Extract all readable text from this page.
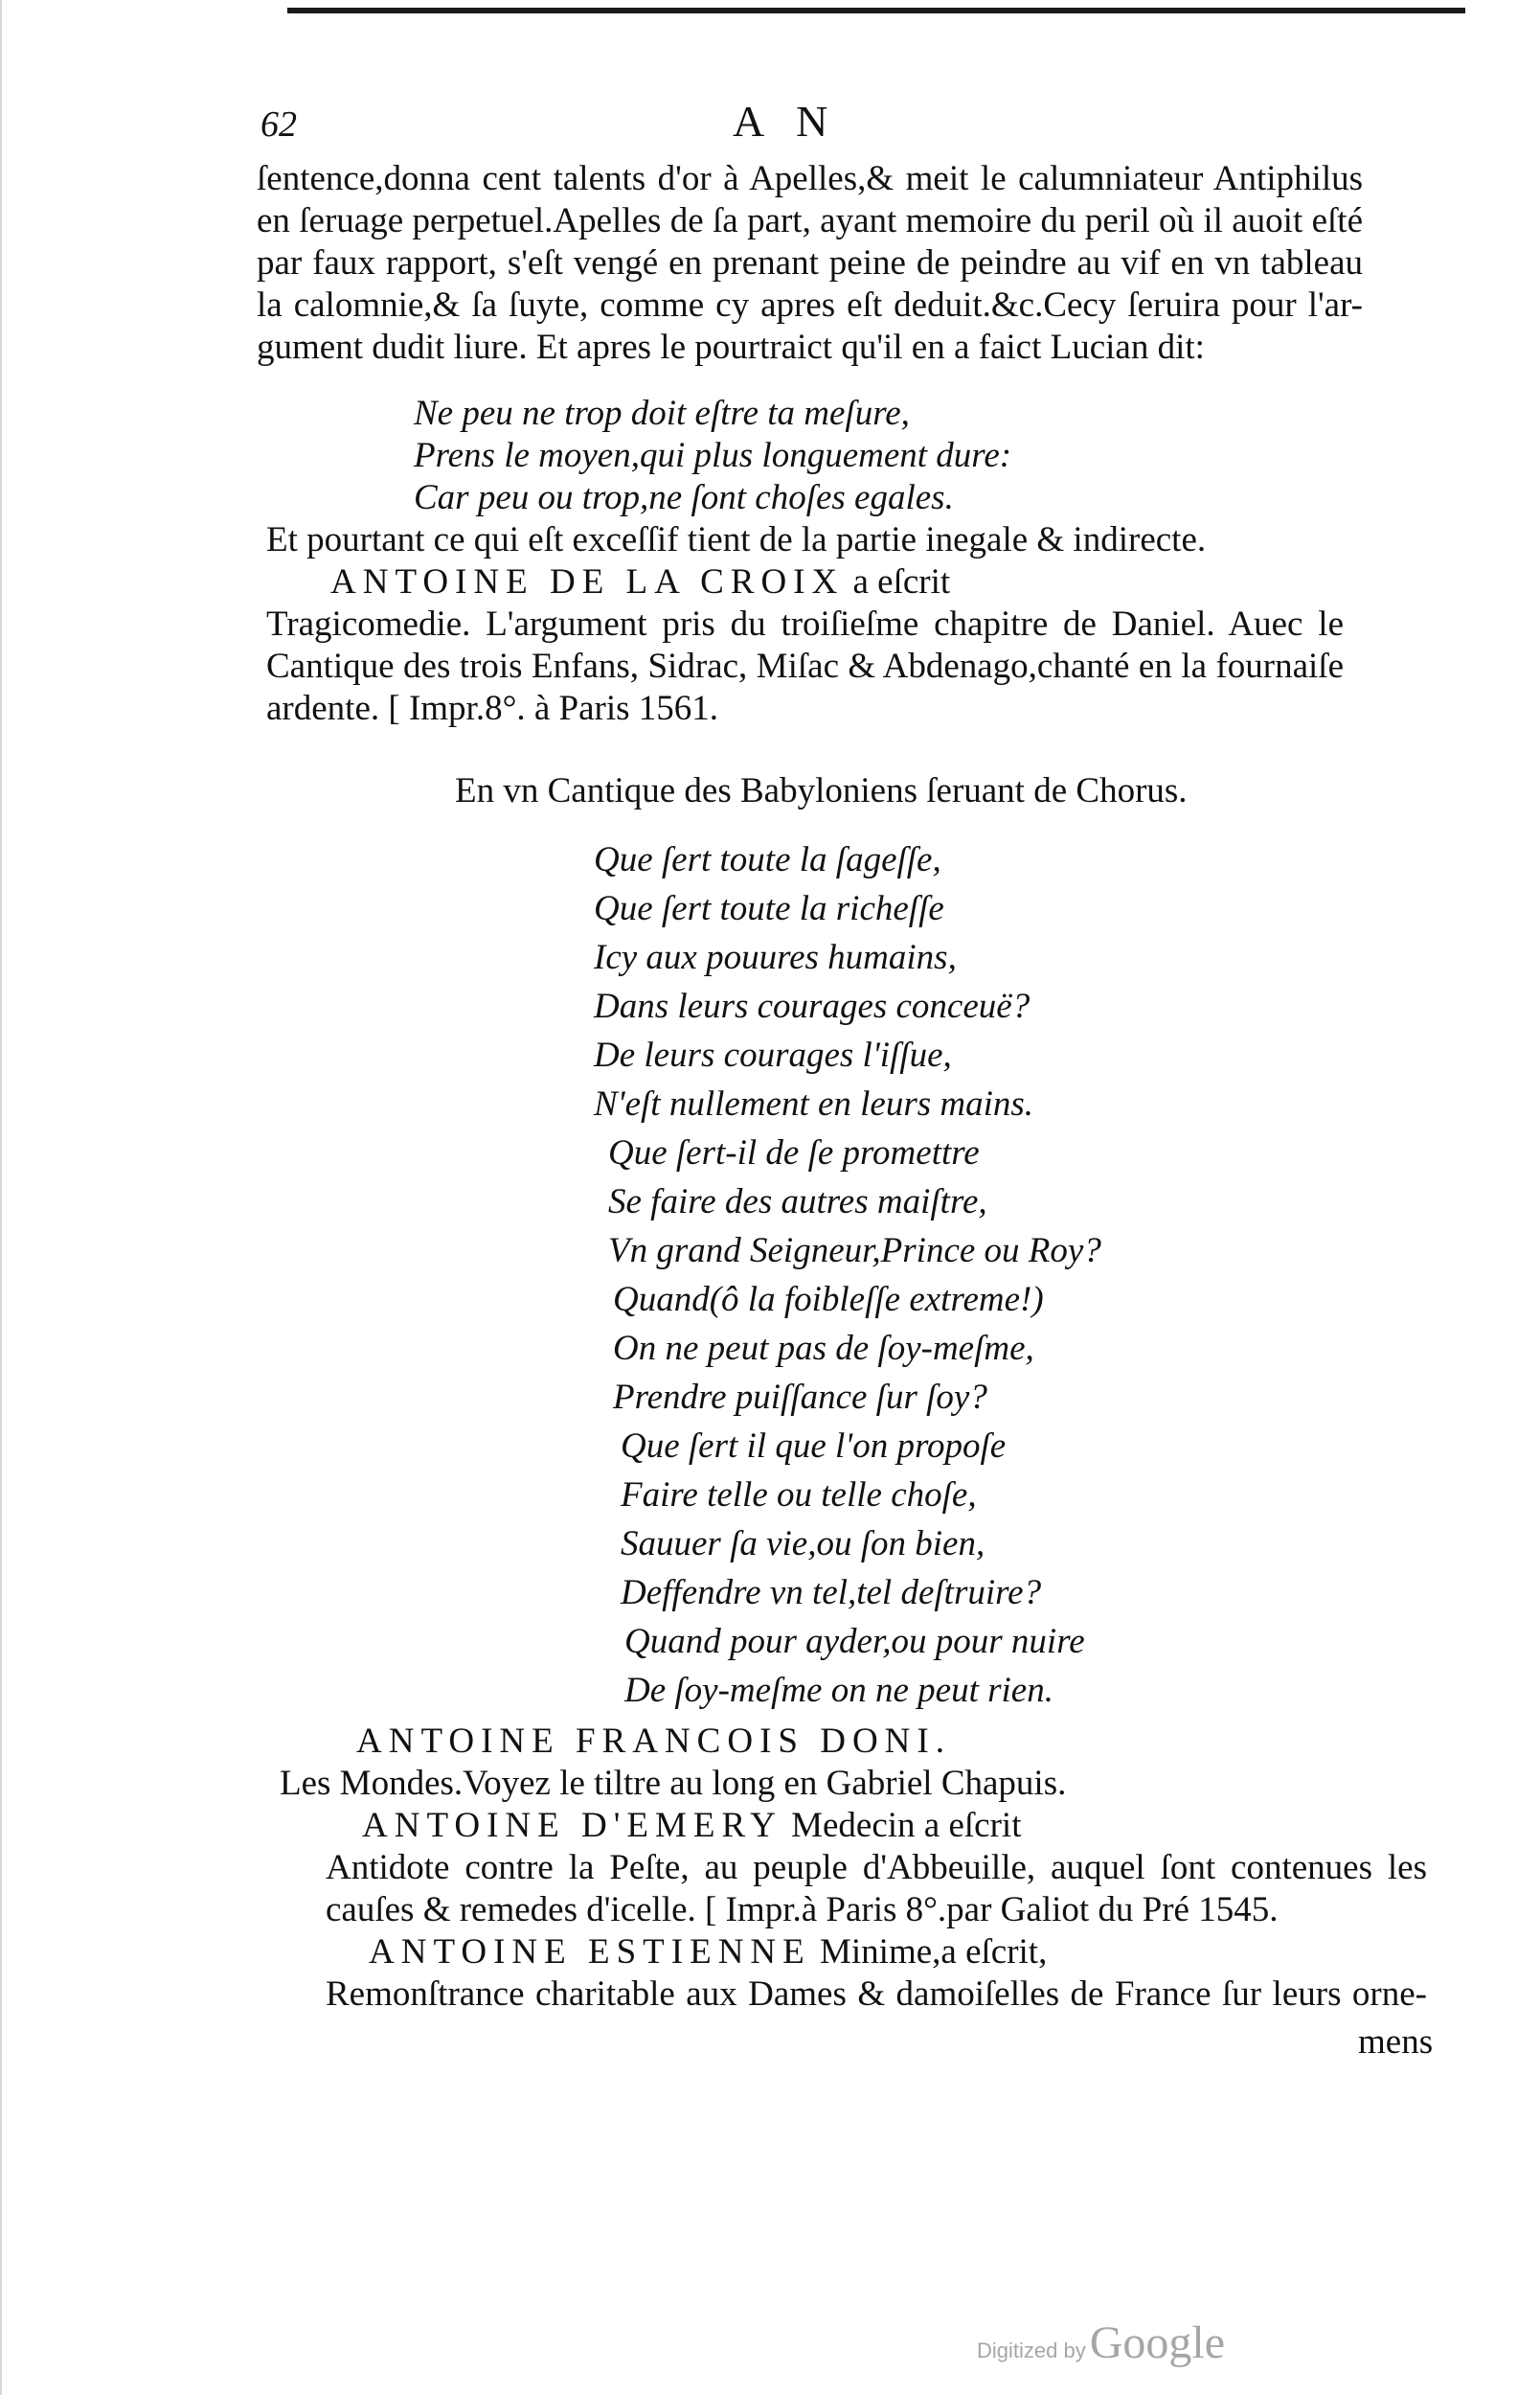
62	A N
ſentence,donna cent talents d'or à Apelles,& meit le calumniateur Antiphilus
en ſeruage perpetuel.Apelles de ſa part, ayant memoire du peril où il auoit eſté
par faux rapport, s'eſt vengé en prenant peine de peindre au vif en vn tableau
la calomnie,& ſa ſuyte, comme cy apres eſt deduit.&c.Cecy ſeruira pour l'ar-
gument dudit liure. Et apres le pourtraict qu'il en a faict Lucian dit:
Ne peu ne trop doit eſtre ta meſure,
Prens le moyen,qui plus longuement dure:
Car peu ou trop,ne ſont choſes egales.
Et pourtant ce qui eſt exceſſif tient de la partie inegale & indirecte.
ANTOINE DE LA CROIX a eſcrit
Tragicomedie. L'argument pris du troiſieſme chapitre de Daniel. Auec le
Cantique des trois Enfans, Sidrac, Miſac & Abdenago,chanté en la fournaiſe
ardente. [ Impr.8°. à Paris 1561.
En vn Cantique des Babyloniens ſeruant de Chorus.
Que ſert toute la ſageſſe,
Que ſert toute la richeſſe
Icy aux pouures humains,
Dans leurs courages conceuë?
De leurs courages l'iſſue,
N'eſt nullement en leurs mains.
Que ſert-il de ſe promettre
Se faire des autres maiſtre,
Vn grand Seigneur,Prince ou Roy?
Quand(ô la foibleſſe extreme!)
On ne peut pas de ſoy-meſme,
Prendre puiſſance ſur ſoy?
Que ſert il que l'on propoſe
Faire telle ou telle choſe,
Sauuer ſa vie,ou ſon bien,
Deffendre vn tel,tel deſtruire?
Quand pour ayder,ou pour nuire
De ſoy-meſme on ne peut rien.
ANTOINE FRANCOIS DONI.
Les Mondes.Voyez le tiltre au long en Gabriel Chapuis.
ANTOINE D'EMERY Medecin a eſcrit
Antidote contre la Peſte, au peuple d'Abbeuille, auquel ſont contenues les
cauſes & remedes d'icelle. [ Impr.à Paris 8°.par Galiot du Pré 1545.
ANTOINE ESTIENNE Minime,a eſcrit,
Remonſtrance charitable aux Dames & damoiſelles de France ſur leurs orne-
mens
Digitized by Google
